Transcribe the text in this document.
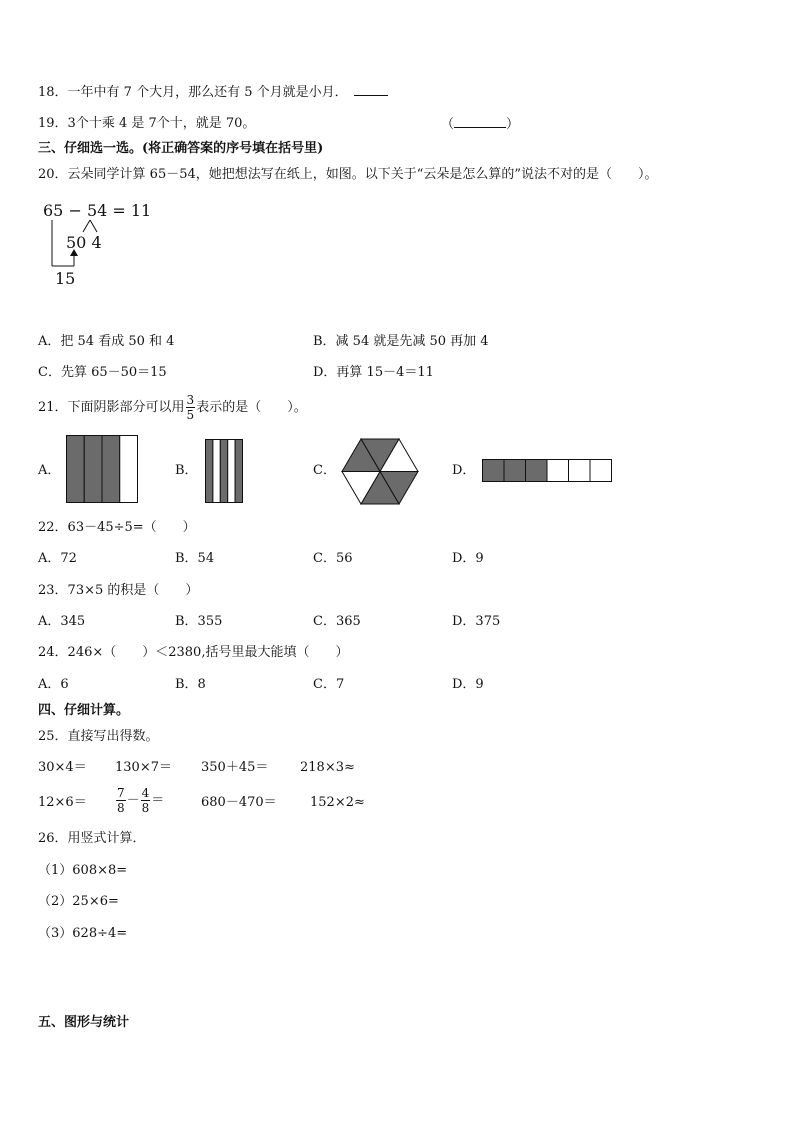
18．一年中有 7 个大月，那么还有 5 个月就是小月．
19．3个十乘 4 是 7个十，就是 70。	（	）
三、仔细选一选。(将正确答案的序号填在括号里)
20．云朵同学计算 65－54，她把想法写在纸上，如图。以下关于“云朵是怎么算的”说法不对的是（　　）。
65 − 54 = 11
50 4
15
A．把 54 看成 50 和 4	B．减 54 就是先减 50 再加 4
C．先算 65－50＝15	D．再算 15－4＝11
21．下面阴影部分可以用 $\frac{3}{5}$ 表示的是（　　）。
A．	B．	C．	D．
22．63－45÷5=（　　）
A．72	B．54	C．56	D．9
23．73×5 的积是（　　）
A．345	B．355	C．365	D．375
24．246×（　　）＜2380,括号里最大能填（　　）
A．6	B．8	C．7	D．9
四、仔细计算。
25．直接写出得数。
30×4＝ 130×7＝ 350＋45＝ 218×3≈
$12\times 6= \frac{7}{8} - \frac{4}{8}$ ＝	680－470＝	152×2≈
26．用竖式计算．
（1）608×8=
（2）25×6=
（3）628÷4=
五、图形与统计
